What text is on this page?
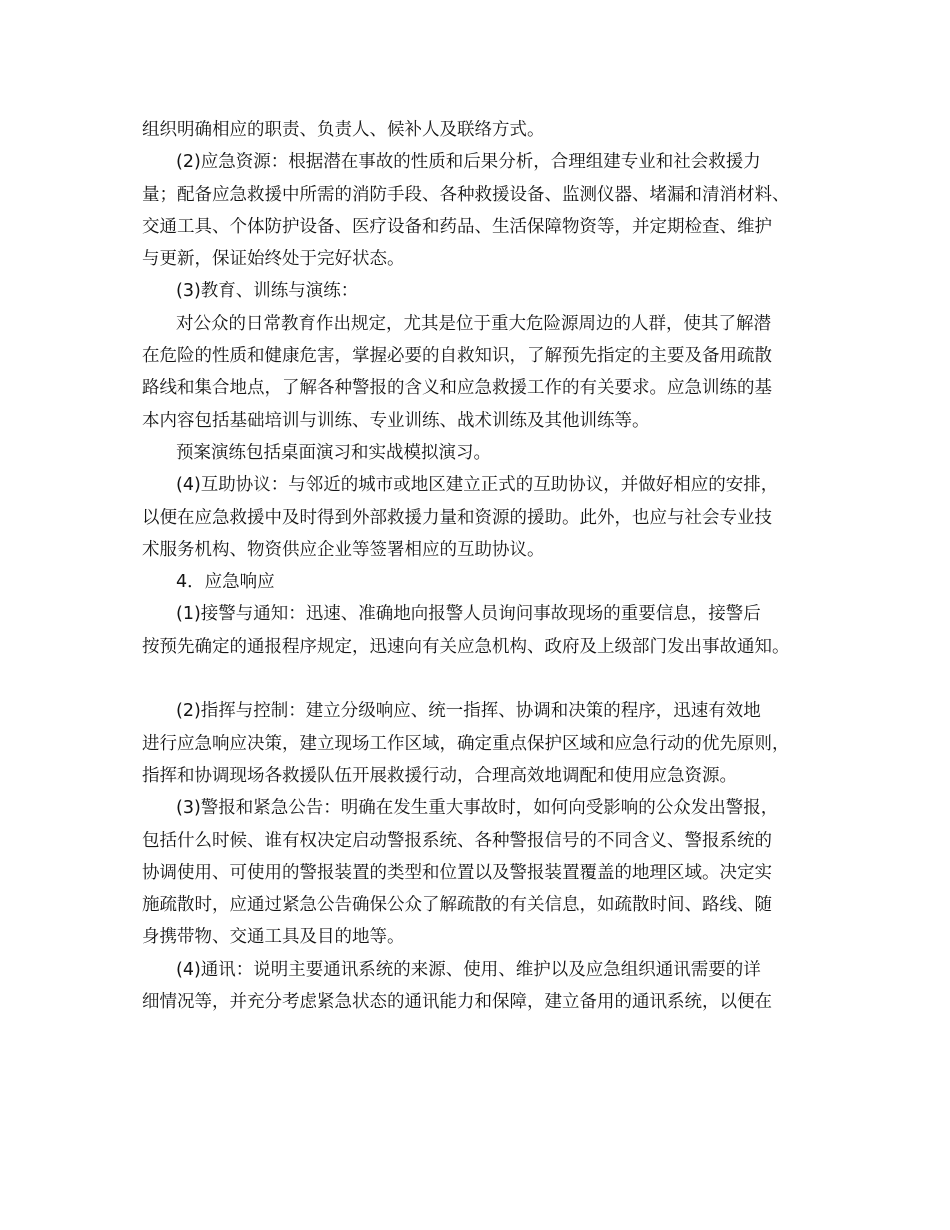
组织明确相应的职责、负责人、候补人及联络方式。
(2)应急资源：根据潜在事故的性质和后果分析，合理组建专业和社会救援力
量；配备应急救援中所需的消防手段、各种救援设备、监测仪器、堵漏和清消材料、
交通工具、个体防护设备、医疗设备和药品、生活保障物资等，并定期检查、维护
与更新，保证始终处于完好状态。
(3)教育、训练与演练：
对公众的日常教育作出规定，尤其是位于重大危险源周边的人群，使其了解潜
在危险的性质和健康危害，掌握必要的自救知识，了解预先指定的主要及备用疏散
路线和集合地点，了解各种警报的含义和应急救援工作的有关要求。应急训练的基
本内容包括基础培训与训练、专业训练、战术训练及其他训练等。
预案演练包括桌面演习和实战模拟演习。
(4)互助协议：与邻近的城市或地区建立正式的互助协议，并做好相应的安排，
以便在应急救援中及时得到外部救援力量和资源的援助。此外，也应与社会专业技
术服务机构、物资供应企业等签署相应的互助协议。
4．应急响应
(1)接警与通知：迅速、准确地向报警人员询问事故现场的重要信息，接警后
按预先确定的通报程序规定，迅速向有关应急机构、政府及上级部门发出事故通知。
(2)指挥与控制：建立分级响应、统一指挥、协调和决策的程序，迅速有效地
进行应急响应决策，建立现场工作区域，确定重点保护区域和应急行动的优先原则，
指挥和协调现场各救援队伍开展救援行动，合理高效地调配和使用应急资源。
(3)警报和紧急公告：明确在发生重大事故时，如何向受影响的公众发出警报，
包括什么时候、谁有权决定启动警报系统、各种警报信号的不同含义、警报系统的
协调使用、可使用的警报装置的类型和位置以及警报装置覆盖的地理区域。决定实
施疏散时，应通过紧急公告确保公众了解疏散的有关信息，如疏散时间、路线、随
身携带物、交通工具及目的地等。
(4)通讯：说明主要通讯系统的来源、使用、维护以及应急组织通讯需要的详
细情况等，并充分考虑紧急状态的通讯能力和保障，建立备用的通讯系统，以便在
